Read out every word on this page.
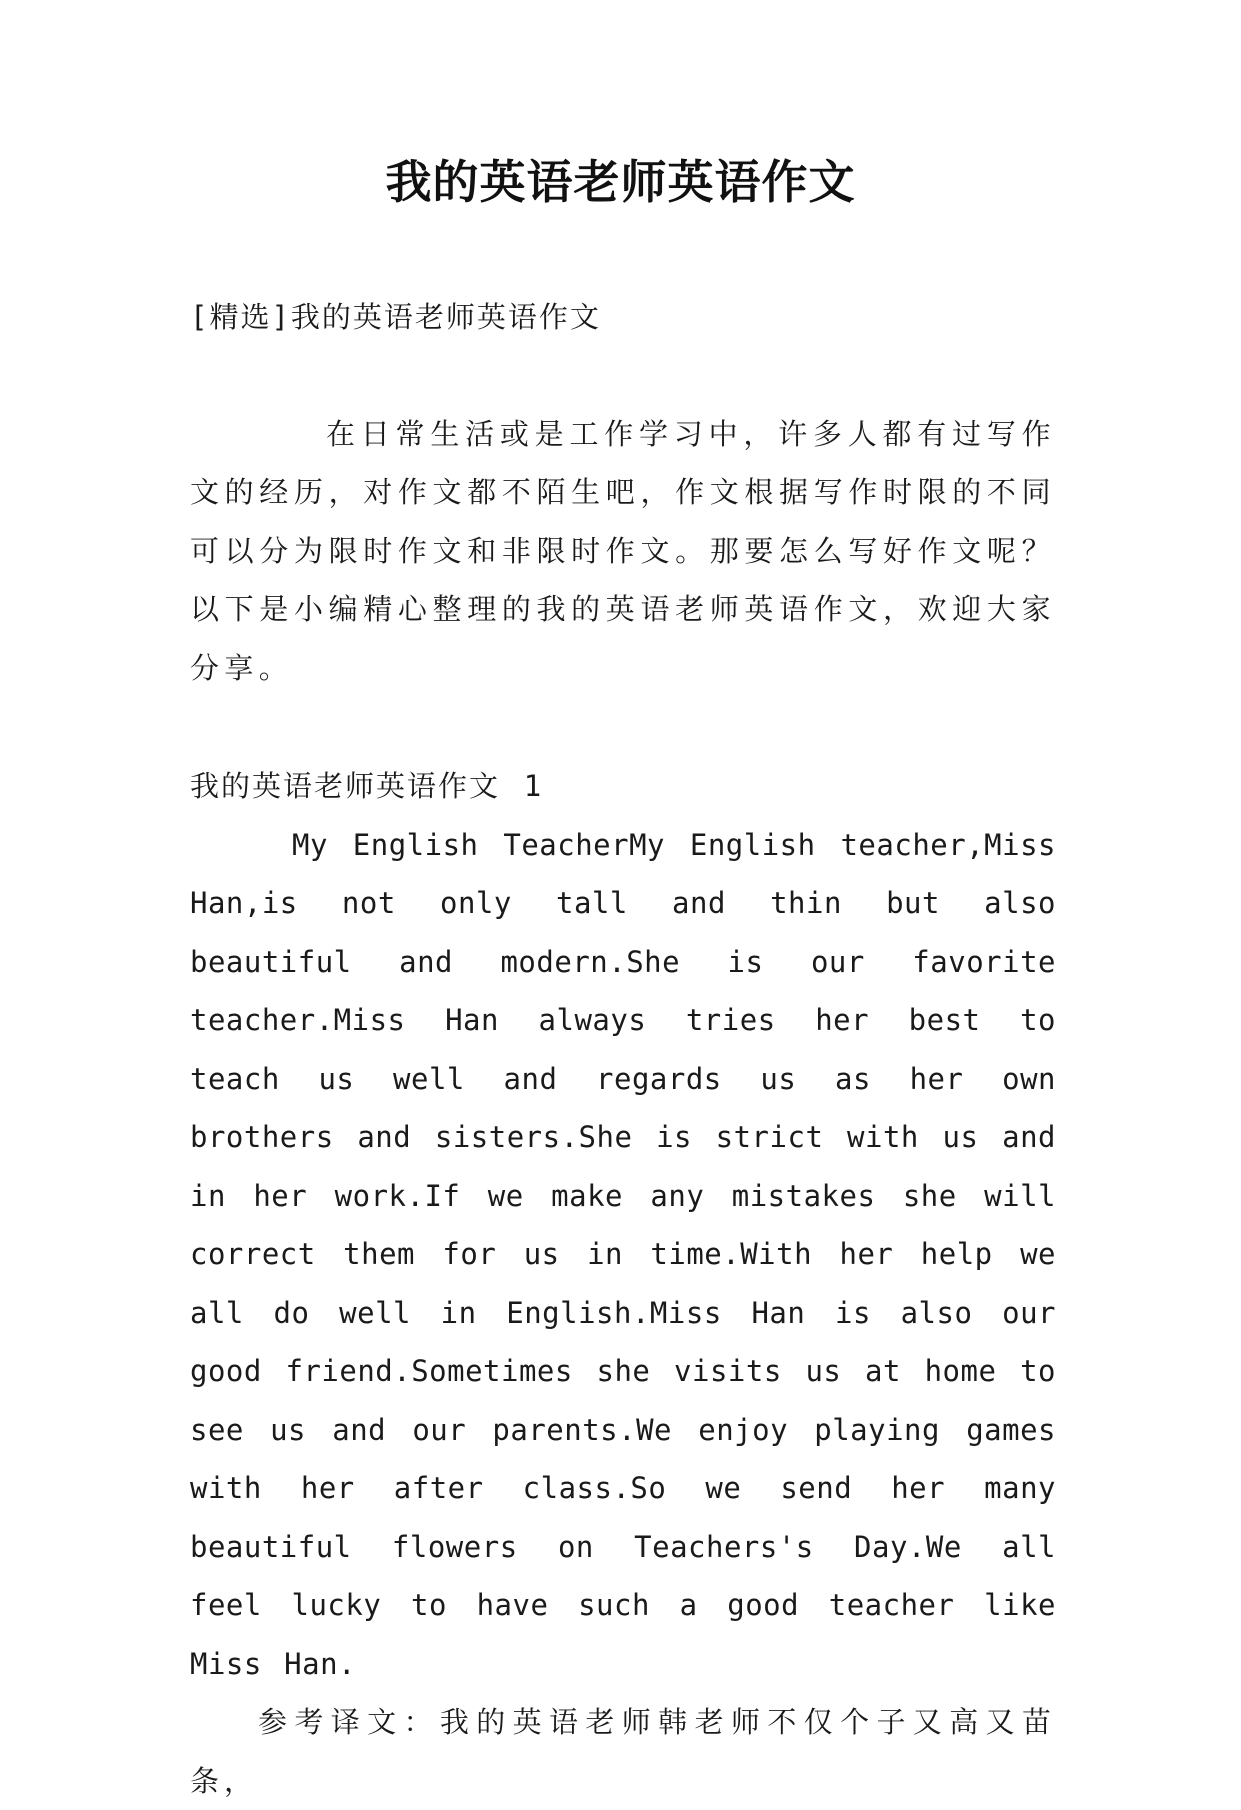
我的英语老师英语作文

[精选]我的英语老师英语作文

在日常生活或是工作学习中，许多人都有过写作文的经历，对作文都不陌生吧，作文根据写作时限的不同可以分为限时作文和非限时作文。那要怎么写好作文呢？以下是小编精心整理的我的英语老师英语作文，欢迎大家分享。

我的英语老师英语作文 1

My English TeacherMy English teacher,Miss Han,is not only tall and thin but also beautiful and modern.She is our favorite teacher.Miss Han always tries her best to teach us well and regards us as her own brothers and sisters.She is strict with us and in her work.If we make any mistakes she will correct them for us in time.With her help we all do well in English.Miss Han is also our good friend.Sometimes she visits us at home to see us and our parents.We enjoy playing games with her after class.So we send her many beautiful flowers on Teachers's Day.We all feel lucky to have such a good teacher like Miss Han.

参考译文：我的英语老师韩老师不仅个子又高又苗条，
